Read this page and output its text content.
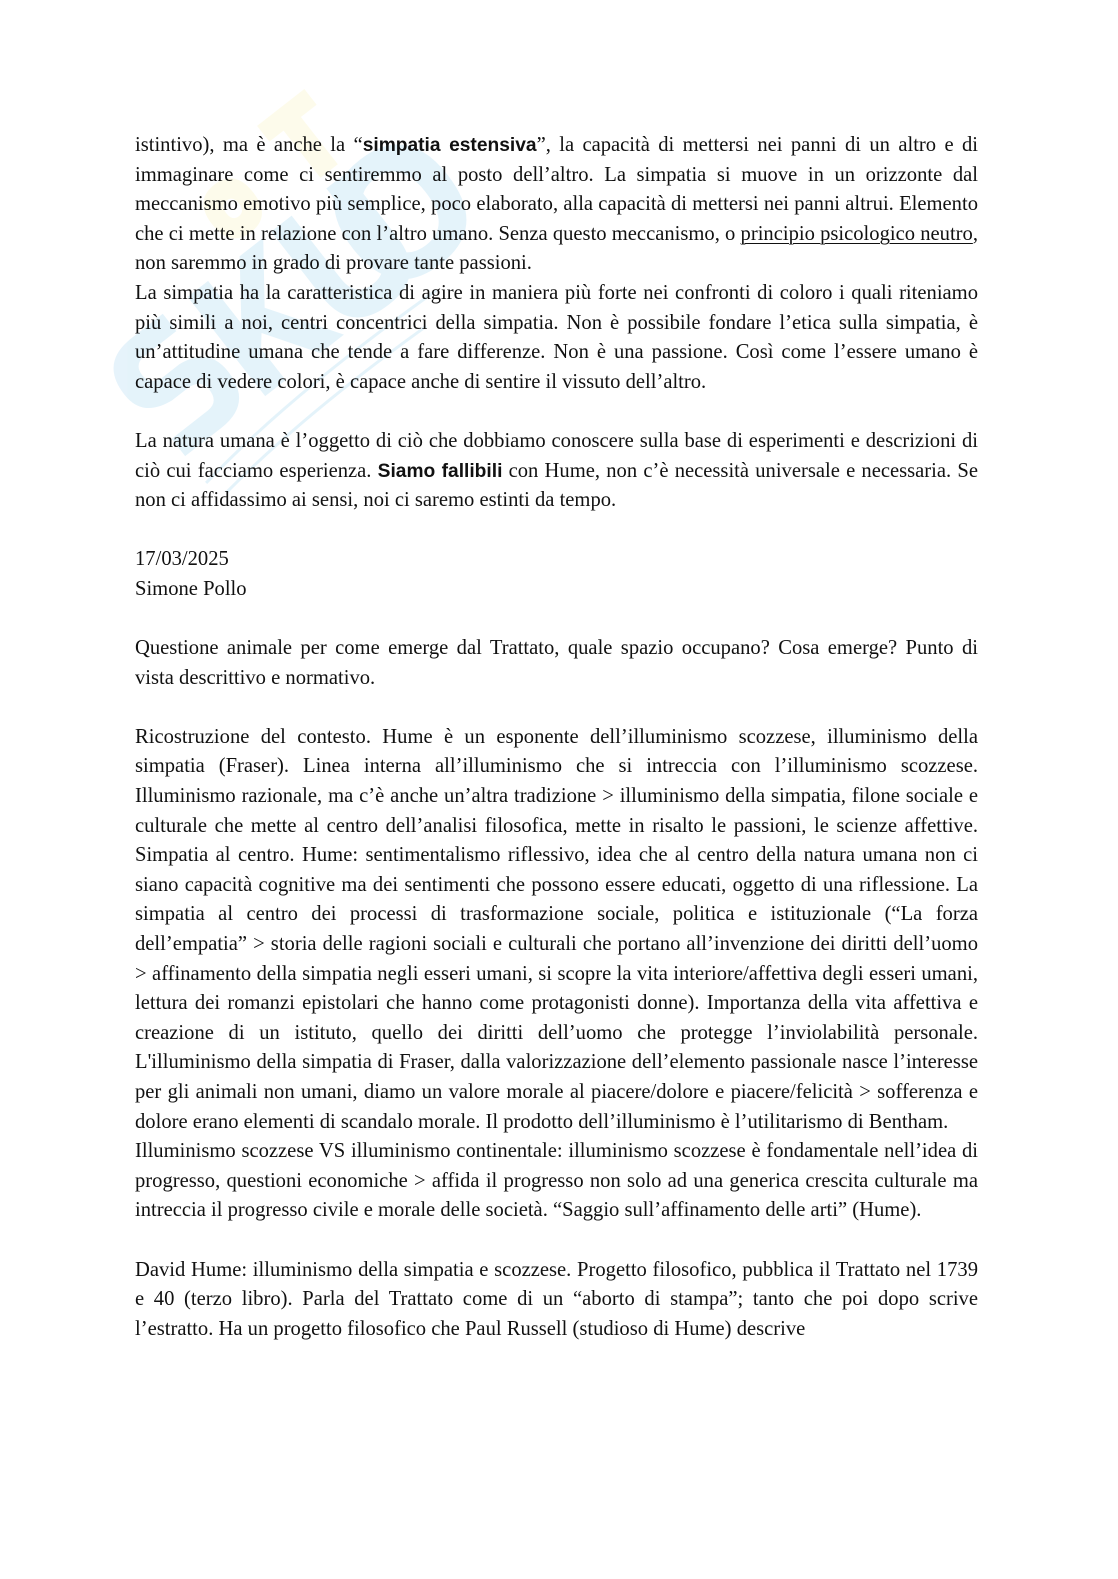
istintivo), ma è anche la “simpatia estensiva”, la capacità di mettersi nei panni di un altro e di immaginare come ci sentiremmo al posto dell’altro. La simpatia si muove in un orizzonte dal meccanismo emotivo più semplice, poco elaborato, alla capacità di mettersi nei panni altrui. Elemento che ci mette in relazione con l’altro umano. Senza questo meccanismo, o principio psicologico neutro, non saremmo in grado di provare tante passioni.

La simpatia ha la caratteristica di agire in maniera più forte nei confronti di coloro i quali riteniamo più simili a noi, centri concentrici della simpatia. Non è possibile fondare l’etica sulla simpatia, è un’attitudine umana che tende a fare differenze. Non è una passione. Così come l’essere umano è capace di vedere colori, è capace anche di sentire il vissuto dell’altro.

La natura umana è l’oggetto di ciò che dobbiamo conoscere sulla base di esperimenti e descrizioni di ciò cui facciamo esperienza. Siamo fallibili con Hume, non c’è necessità universale e necessaria. Se non ci affidassimo ai sensi, noi ci saremo estinti da tempo.

17/03/2025

Simone Pollo

Questione animale per come emerge dal Trattato, quale spazio occupano? Cosa emerge? Punto di vista descrittivo e normativo.

Ricostruzione del contesto. Hume è un esponente dell’illuminismo scozzese, illuminismo della simpatia (Fraser). Linea interna all’illuminismo che si intreccia con l’illuminismo scozzese. Illuminismo razionale, ma c’è anche un’altra tradizione > illuminismo della simpatia, filone sociale e culturale che mette al centro dell’analisi filosofica, mette in risalto le passioni, le scienze affettive. Simpatia al centro. Hume: sentimentalismo riflessivo, idea che al centro della natura umana non ci siano capacità cognitive ma dei sentimenti che possono essere educati, oggetto di una riflessione. La simpatia al centro dei processi di trasformazione sociale, politica e istituzionale (“La forza dell’empatia” > storia delle ragioni sociali e culturali che portano all’invenzione dei diritti dell’uomo > affinamento della simpatia negli esseri umani, si scopre la vita interiore/affettiva degli esseri umani, lettura dei romanzi epistolari che hanno come protagonisti donne). Importanza della vita affettiva e creazione di un istituto, quello dei diritti dell’uomo che protegge l’inviolabilità personale. L'illuminismo della simpatia di Fraser, dalla valorizzazione dell’elemento passionale nasce l’interesse per gli animali non umani, diamo un valore morale al piacere/dolore e piacere/felicità > sofferenza e dolore erano elementi di scandalo morale. Il prodotto dell’illuminismo è l’utilitarismo di Bentham.

Illuminismo scozzese VS illuminismo continentale: illuminismo scozzese è fondamentale nell’idea di progresso, questioni economiche > affida il progresso non solo ad una generica crescita culturale ma intreccia il progresso civile e morale delle società. “Saggio sull’affinamento delle arti” (Hume).

David Hume: illuminismo della simpatia e scozzese. Progetto filosofico, pubblica il Trattato nel 1739 e 40 (terzo libro). Parla del Trattato come di un “aborto di stampa”; tanto che poi dopo scrive l’estratto. Ha un progetto filosofico che Paul Russell (studioso di Hume) descrive
